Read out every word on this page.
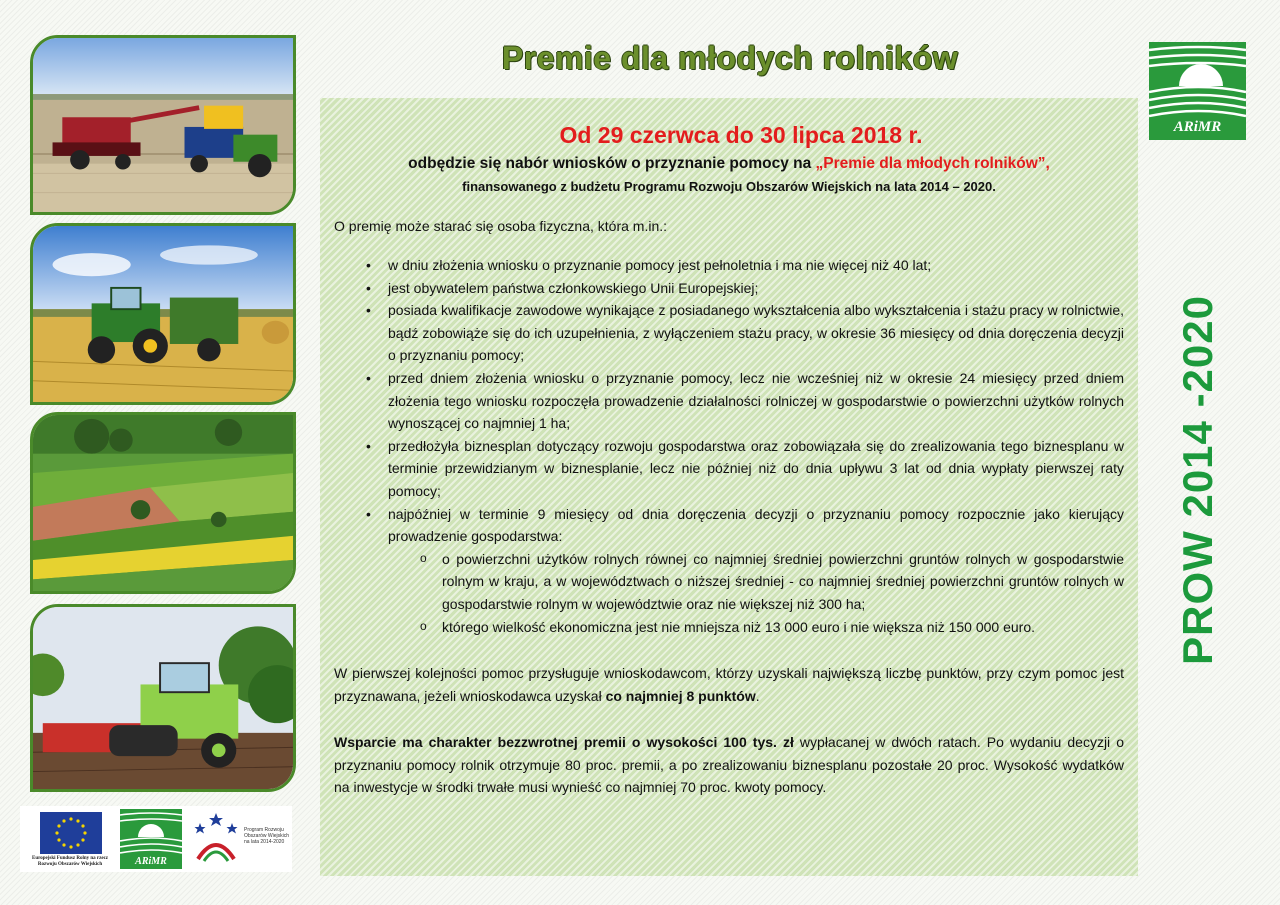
Premie dla młodych rolników
Od 29 czerwca do 30 lipca 2018 r.
odbędzie się nabór wniosków o przyznanie pomocy na „Premie dla młodych rolników”,
finansowanego z budżetu Programu Rozwoju Obszarów Wiejskich na lata 2014 – 2020.
O premię może starać się osoba fizyczna, która m.in.:
• w dniu złożenia wniosku o przyznanie pomocy jest pełnoletnia i ma nie więcej niż 40 lat;
• jest obywatelem państwa członkowskiego Unii Europejskiej;
• posiada kwalifikacje zawodowe wynikające z posiadanego wykształcenia albo wykształcenia i stażu pracy w rolnictwie, bądź zobowiąże się do ich uzupełnienia, z wyłączeniem stażu pracy, w okresie 36 miesięcy od dnia doręczenia decyzji o przyznaniu pomocy;
• przed dniem złożenia wniosku o przyznanie pomocy, lecz nie wcześniej niż w okresie 24 miesięcy przed dniem złożenia tego wniosku rozpoczęła prowadzenie działalności rolniczej w gospodarstwie o powierzchni użytków rolnych wynoszącej co najmniej 1 ha;
• przedłożyła biznesplan dotyczący rozwoju gospodarstwa oraz zobowiązała się do zrealizowania tego biznesplanu w terminie przewidzianym w biznesplanie, lecz nie później niż do dnia upływu 3 lat od dnia wypłaty pierwszej raty pomocy;
• najpóźniej w terminie 9 miesięcy od dnia doręczenia decyzji o przyznaniu pomocy rozpocznie jako kierujący prowadzenie gospodarstwa:
o o powierzchni użytków rolnych równej co najmniej średniej powierzchni gruntów rolnych w gospodarstwie rolnym w kraju, a w województwach o niższej średniej - co najmniej średniej powierzchni gruntów rolnych w gospodarstwie rolnym w województwie oraz nie większej niż 300 ha;
o którego wielkość ekonomiczna jest nie mniejsza niż 13 000 euro i nie większa niż 150 000 euro.
W pierwszej kolejności pomoc przysługuje wnioskodawcom, którzy uzyskali największą liczbę punktów, przy czym pomoc jest przyznawana, jeżeli wnioskodawca uzyskał co najmniej 8 punktów.
Wsparcie ma charakter bezzwrotnej premii o wysokości 100 tys. zł wypłacanej w dwóch ratach. Po wydaniu decyzji o przyznaniu pomocy rolnik otrzymuje 80 proc. premii, a po zrealizowaniu biznesplanu pozostałe 20 proc. Wysokość wydatków na inwestycje w środki trwałe musi wynieść co najmniej 70 proc. kwoty pomocy.
ARiMR
PROW 2014 -2020
Europejski Fundusz Rolny na rzecz Rozwoju Obszarów Wiejskich	ARiMR
Program Rozwoju Obszarów Wiejskich na lata 2014-2020
